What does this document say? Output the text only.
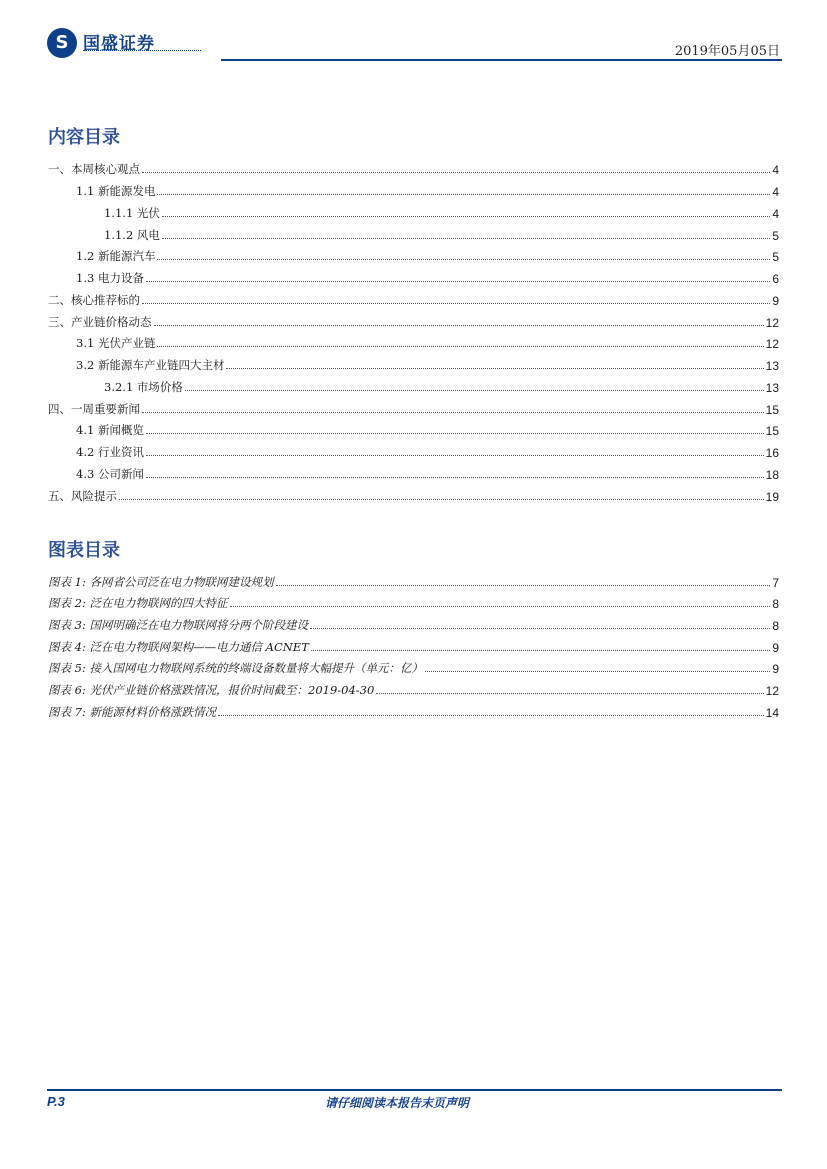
S 国盛证券	2019年05月05日
内容目录
一、本周核心观点	4
1.1 新能源发电	4
1.1.1 光伏	4
1.1.2 风电	5
1.2 新能源汽车	5
1.3 电力设备	6
二、核心推荐标的	9
三、产业链价格动态	12
3.1 光伏产业链	12
3.2 新能源车产业链四大主材	13
3.2.1 市场价格	13
四、一周重要新闻	15
4.1 新闻概览	15
4.2 行业资讯	16
4.3 公司新闻	18
五、风险提示	19
图表目录
图表 1: 各网省公司泛在电力物联网建设规划	7
图表 2: 泛在电力物联网的四大特征	8
图表 3: 国网明确泛在电力物联网将分两个阶段建设	8
图表 4: 泛在电力物联网架构——电力通信 ACNET	9
图表 5: 接入国网电力物联网系统的终端设备数量将大幅提升（单元：亿）	9
图表 6: 光伏产业链价格涨跌情况，报价时间截至：2019-04-30	12
图表 7: 新能源材料价格涨跌情况	14
P.3	请仔细阅读本报告末页声明
